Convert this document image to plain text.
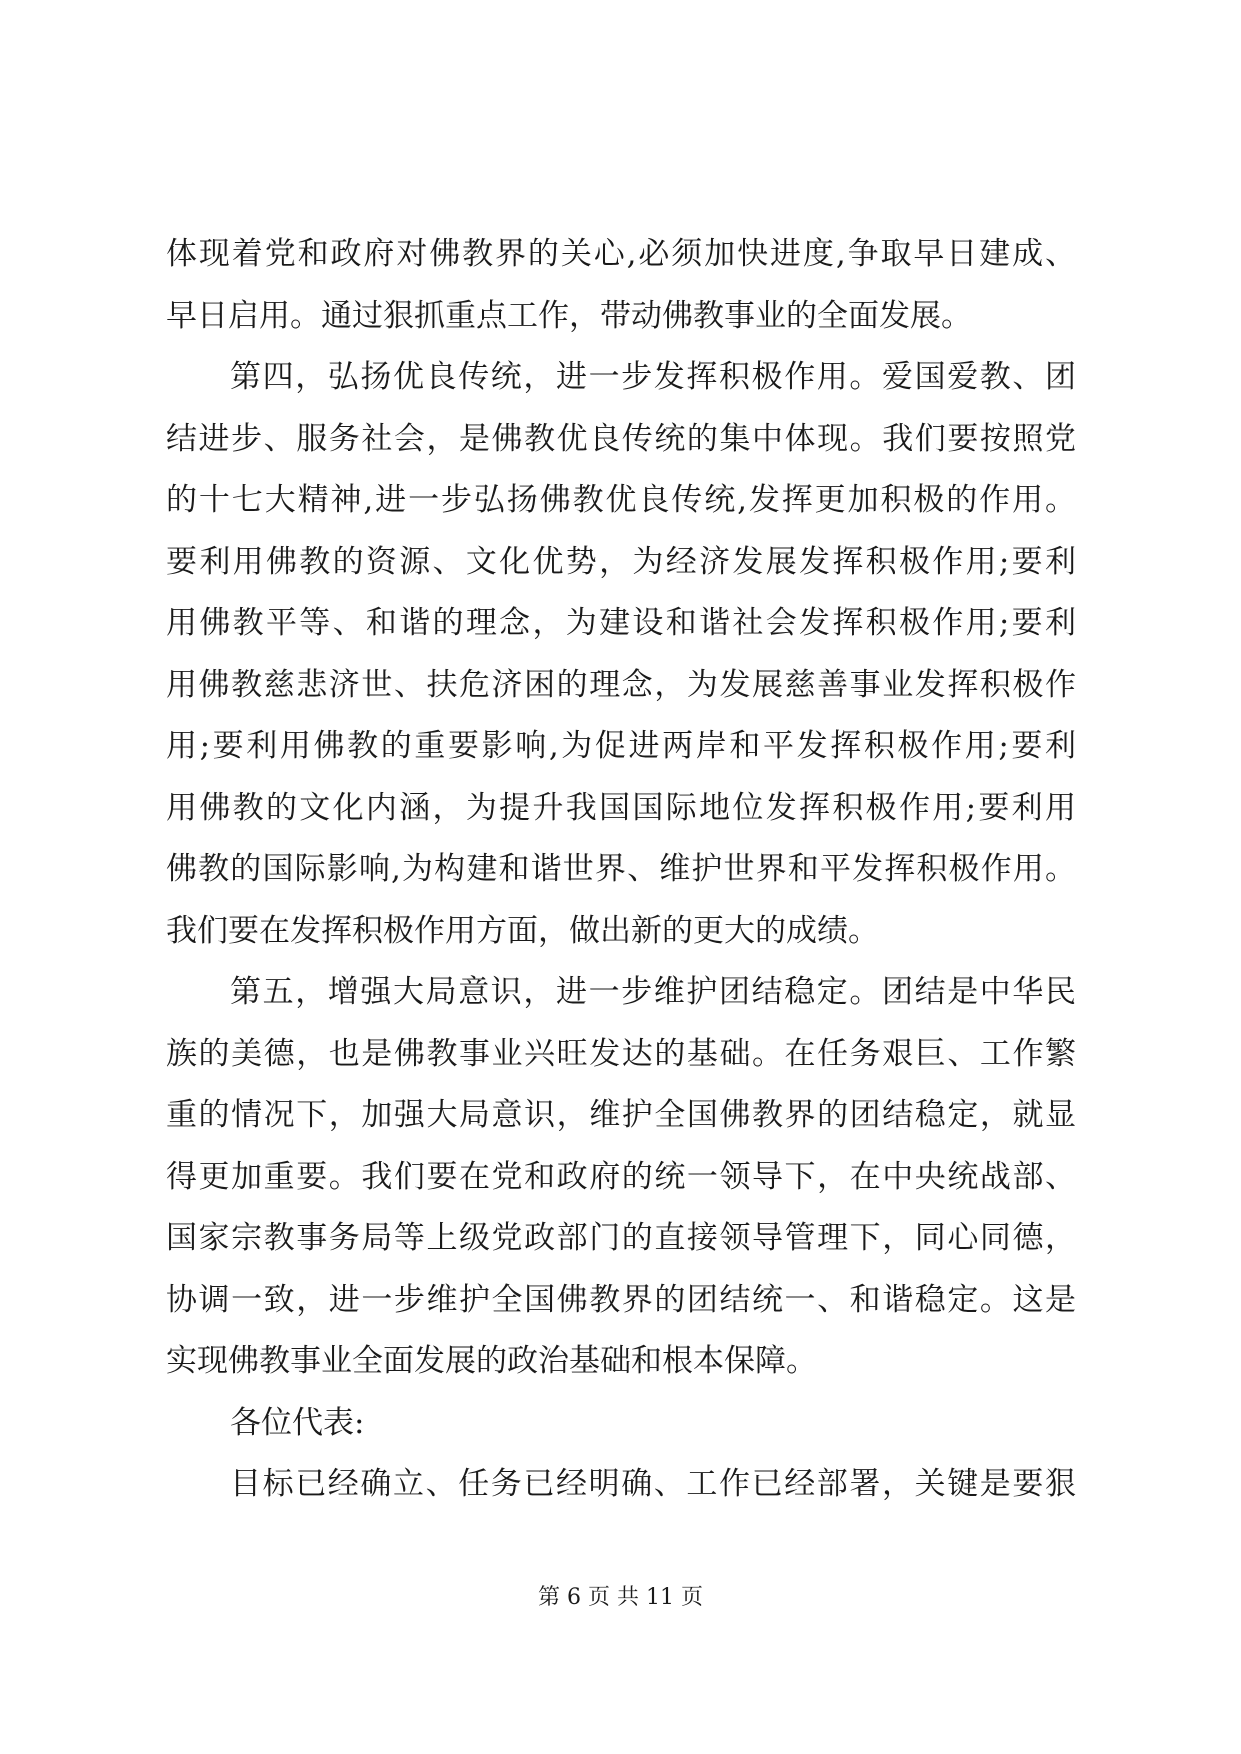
体现着党和政府对佛教界的关心,必须加快进度,争取早日建成、
早日启用。通过狠抓重点工作，带动佛教事业的全面发展。
第四，弘扬优良传统，进一步发挥积极作用。爱国爱教、团
结进步、服务社会，是佛教优良传统的集中体现。我们要按照党
的十七大精神,进一步弘扬佛教优良传统,发挥更加积极的作用。
要利用佛教的资源、文化优势，为经济发展发挥积极作用;要利
用佛教平等、和谐的理念，为建设和谐社会发挥积极作用;要利
用佛教慈悲济世、扶危济困的理念，为发展慈善事业发挥积极作
用;要利用佛教的重要影响,为促进两岸和平发挥积极作用;要利
用佛教的文化内涵，为提升我国国际地位发挥积极作用;要利用
佛教的国际影响,为构建和谐世界、维护世界和平发挥积极作用。
我们要在发挥积极作用方面，做出新的更大的成绩。
第五，增强大局意识，进一步维护团结稳定。团结是中华民
族的美德，也是佛教事业兴旺发达的基础。在任务艰巨、工作繁
重的情况下，加强大局意识，维护全国佛教界的团结稳定，就显
得更加重要。我们要在党和政府的统一领导下，在中央统战部、
国家宗教事务局等上级党政部门的直接领导管理下，同心同德，
协调一致，进一步维护全国佛教界的团结统一、和谐稳定。这是
实现佛教事业全面发展的政治基础和根本保障。
各位代表:
目标已经确立、任务已经明确、工作已经部署，关键是要狠
第 6 页 共 11 页
